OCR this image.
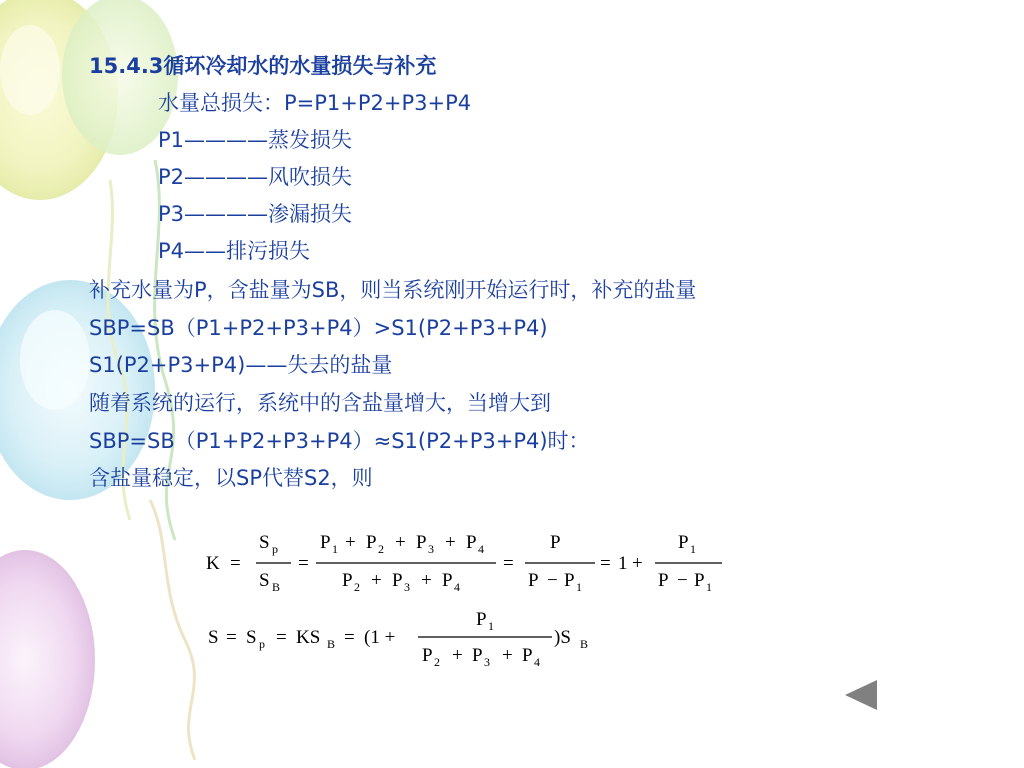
15.4.3循环冷却水的水量损失与补充
水量总损失：P=P1+P2+P3+P4
P1————蒸发损失
P2————风吹损失
P3————渗漏损失
P4——排污损失
补充水量为P，含盐量为SB，则当系统刚开始运行时，补充的盐量
SBP=SB（P1+P2+P3+P4）>S1(P2+P3+P4)
S1(P2+P3+P4)——失去的盐量
随着系统的运行，系统中的含盐量增大，当增大到
SBP=SB（P1+P2+P3+P4）≈S1(P2+P3+P4)时：
含盐量稳定，以SP代替S2，则
K =
S p
S B
=
P 1 + P 2 + P 3 + P 4
P 2 + P 3 + P 4
=
P
P − P 1
= 1 +
P 1
P − P 1
S = S p = KS B = (1 +
P 1
P 2 + P 3 + P 4
)S B
